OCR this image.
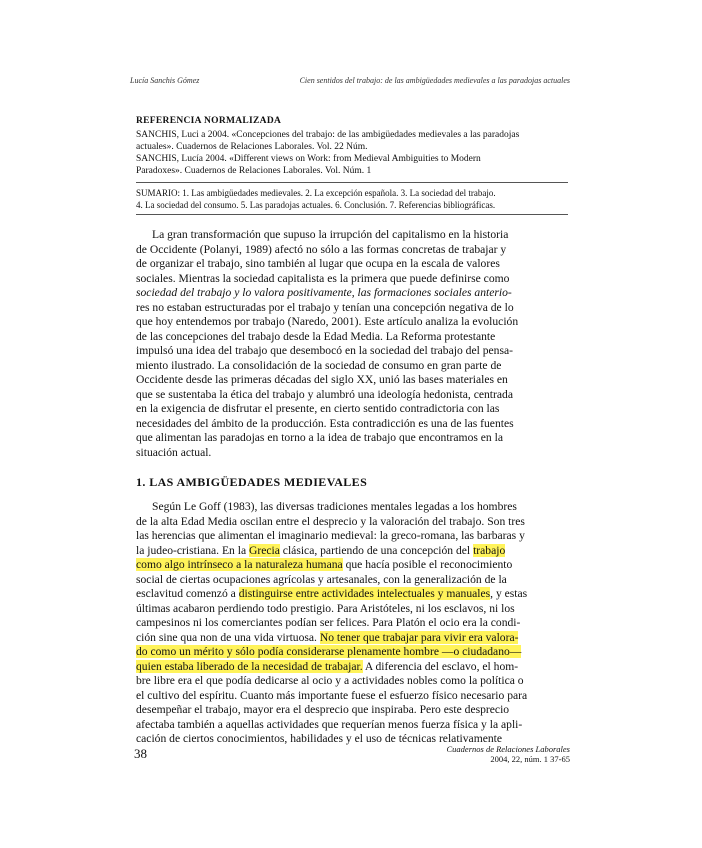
Lucía Sanchis Gómez	Cien sentidos del trabajo: de las ambigüedades medievales a las paradojas actuales
REFERENCIA NORMALIZADA
SANCHIS, Luci a 2004. «Concepciones del trabajo: de las ambigüedades medievales a las paradojas
actuales». Cuadernos de Relaciones Laborales. Vol. 22 Núm.
SANCHIS, Lucía 2004. «Different views on Work: from Medieval Ambiguities to Modern
Paradoxes». Cuadernos de Relaciones Laborales. Vol. Núm. 1
SUMARIO: 1. Las ambigüedades medievales. 2. La excepción española. 3. La sociedad del trabajo.
4. La sociedad del consumo. 5. Las paradojas actuales. 6. Conclusión. 7. Referencias bibliográficas.
La gran transformación que supuso la irrupción del capitalismo en la historia
de Occidente (Polanyi, 1989) afectó no sólo a las formas concretas de trabajar y
de organizar el trabajo, sino también al lugar que ocupa en la escala de valores
sociales. Mientras la sociedad capitalista es la primera que puede definirse como
sociedad del trabajo y lo valora positivamente, las formaciones sociales anterio-
res no estaban estructuradas por el trabajo y tenían una concepción negativa de lo
que hoy entendemos por trabajo (Naredo, 2001). Este artículo analiza la evolución
de las concepciones del trabajo desde la Edad Media. La Reforma protestante
impulsó una idea del trabajo que desembocó en la sociedad del trabajo del pensa-
miento ilustrado. La consolidación de la sociedad de consumo en gran parte de
Occidente desde las primeras décadas del siglo XX, unió las bases materiales en
que se sustentaba la ética del trabajo y alumbró una ideología hedonista, centrada
en la exigencia de disfrutar el presente, en cierto sentido contradictoria con las
necesidades del ámbito de la producción. Esta contradicción es una de las fuentes
que alimentan las paradojas en torno a la idea de trabajo que encontramos en la
situación actual.
1. LAS AMBIGÜEDADES MEDIEVALES
Según Le Goff (1983), las diversas tradiciones mentales legadas a los hombres
de la alta Edad Media oscilan entre el desprecio y la valoración del trabajo. Son tres
las herencias que alimentan el imaginario medieval: la greco-romana, las barbaras y
la judeo-cristiana. En la Grecia clásica, partiendo de una concepción del trabajo
como algo intrínseco a la naturaleza humana que hacía posible el reconocimiento
social de ciertas ocupaciones agrícolas y artesanales, con la generalización de la
esclavitud comenzó a distinguirse entre actividades intelectuales y manuales, y estas
últimas acabaron perdiendo todo prestigio. Para Aristóteles, ni los esclavos, ni los
campesinos ni los comerciantes podían ser felices. Para Platón el ocio era la condi-
ción sine qua non de una vida virtuosa. No tener que trabajar para vivir era valora-
do como un mérito y sólo podía considerarse plenamente hombre —o ciudadano—
quien estaba liberado de la necesidad de trabajar. A diferencia del esclavo, el hom-
bre libre era el que podía dedicarse al ocio y a actividades nobles como la política o
el cultivo del espíritu. Cuanto más importante fuese el esfuerzo físico necesario para
desempeñar el trabajo, mayor era el desprecio que inspiraba. Pero este desprecio
afectaba también a aquellas actividades que requerían menos fuerza física y la apli-
cación de ciertos conocimientos, habilidades y el uso de técnicas relativamente
38	Cuadernos de Relaciones Laborales
2004, 22, núm. 1 37-65
